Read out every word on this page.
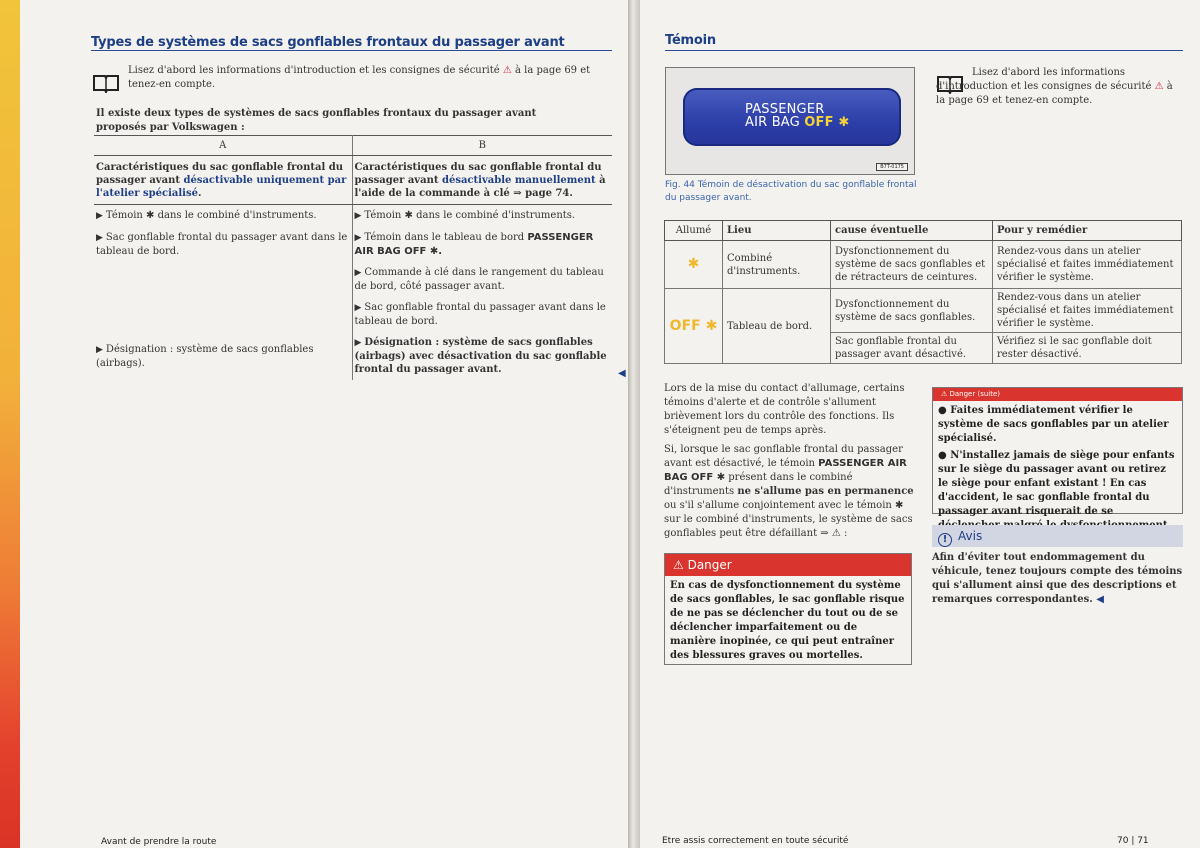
Types de systèmes de sacs gonflables frontaux du passager avant
Lisez d'abord les informations d'introduction et les consignes de sécurité ⚠ à la page 69 et tenez-en compte.
Il existe deux types de systèmes de sacs gonflables frontaux du passager avant proposés par Volkswagen :
A	B
Caractéristiques du sac gonflable frontal du passager avant désactivable uniquement par l'atelier spécialisé.	Caractéristiques du sac gonflable frontal du passager avant désactivable manuellement à l'aide de la commande à clé ⇒ page 74.
▶ Témoin ✱ dans le combiné d'instruments.	▶ Témoin ✱ dans le combiné d'instruments.
▶ Sac gonflable frontal du passager avant dans le tableau de bord.	▶ Témoin dans le tableau de bord PASSENGER AIR BAG OFF ✱.
	▶ Commande à clé dans le rangement du tableau de bord, côté passager avant.
	▶ Sac gonflable frontal du passager avant dans le tableau de bord.
▶ Désignation : système de sacs gonflables (airbags).	▶ Désignation : système de sacs gonflables (airbags) avec désactivation du sac gonflable frontal du passager avant.	◀
Avant de prendre la route
Témoin
PASSENGER
AIR BAG OFF ✱
B7T-0175
Fig. 44 Témoin de désactivation du sac gonflable frontal du passager avant.
Lisez d'abord les informations d'introduction et les consignes de sécurité ⚠ à la page 69 et tenez-en compte.
Allumé	Lieu	cause éventuelle	Pour y remédier
✱	Combiné d'instruments.	Dysfonctionnement du système de sacs gonflables et de rétracteurs de ceintures.	Rendez-vous dans un atelier spécialisé et faites immédiatement vérifier le système.
OFF ✱	Tableau de bord.	Dysfonctionnement du système de sacs gonflables.	Rendez-vous dans un atelier spécialisé et faites immédiatement vérifier le système.
		Sac gonflable frontal du passager avant désactivé.	Vérifiez si le sac gonflable doit rester désactivé.
Lors de la mise du contact d'allumage, certains témoins d'alerte et de contrôle s'allument brièvement lors du contrôle des fonctions. Ils s'éteignent peu de temps après.
Si, lorsque le sac gonflable frontal du passager avant est désactivé, le témoin PASSENGER AIR BAG OFF ✱ présent dans le combiné d'instruments ne s'allume pas en permanence ou s'il s'allume conjointement avec le témoin ✱ sur le combiné d'instruments, le système de sacs gonflables peut être défaillant ⇒ ⚠ :
⚠ Danger
En cas de dysfonctionnement du système de sacs gonflables, le sac gonflable risque de ne pas se déclencher du tout ou de se déclencher imparfaitement ou de manière inopinée, ce qui peut entraîner des blessures graves ou mortelles.
⚠ Danger (suite)
● Faites immédiatement vérifier le système de sacs gonflables par un atelier spécialisé.
● N'installez jamais de siège pour enfants sur le siège du passager avant ou retirez le siège pour enfant existant ! En cas d'accident, le sac gonflable frontal du passager avant risquerait de se
! Avis
Afin d'éviter tout endommagement du véhicule, tenez toujours compte des témoins qui s'allument ainsi que des descriptions et remarques correspondantes. ◀
Etre assis correctement en toute sécurité	70 | 71
